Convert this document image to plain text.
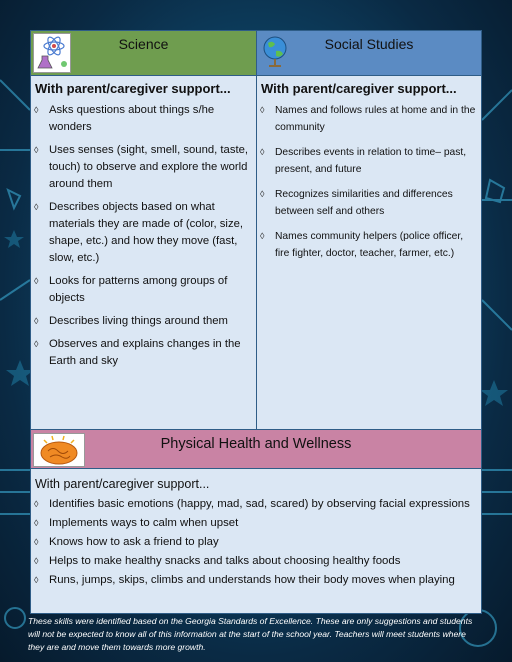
Science	Social Studies
With parent/caregiver support...
◊ Asks questions about things s/he wonders
◊ Uses senses (sight, smell, sound, taste, touch) to observe and explore the world around them
◊ Describes objects based on what materials they are made of (color, size, shape, etc.) and how they move (fast, slow, etc.)
◊ Looks for patterns among groups of objects
◊ Describes living things around them
◊ Observes and explains changes in the Earth and sky
With parent/caregiver support...
◊ Names and follows rules at home and in the community
◊ Describes events in relation to time– past, present, and future
◊ Recognizes similarities and differences between self and others
◊ Names community helpers (police officer, fire fighter, doctor, teacher, farmer, etc.)
Physical Health and Wellness
With parent/caregiver support...
◊ Identifies basic emotions (happy, mad, sad, scared) by observing facial expressions
◊ Implements ways to calm when upset
◊ Knows how to ask a friend to play
◊ Helps to make healthy snacks and talks about choosing healthy foods
◊ Runs, jumps, skips, climbs and understands how their body moves when playing
These skills were identified based on the Georgia Standards of Excellence. These are only suggestions and students will not be expected to know all of this information at the start of the school year. Teachers will meet students where they are and move them towards more growth.
